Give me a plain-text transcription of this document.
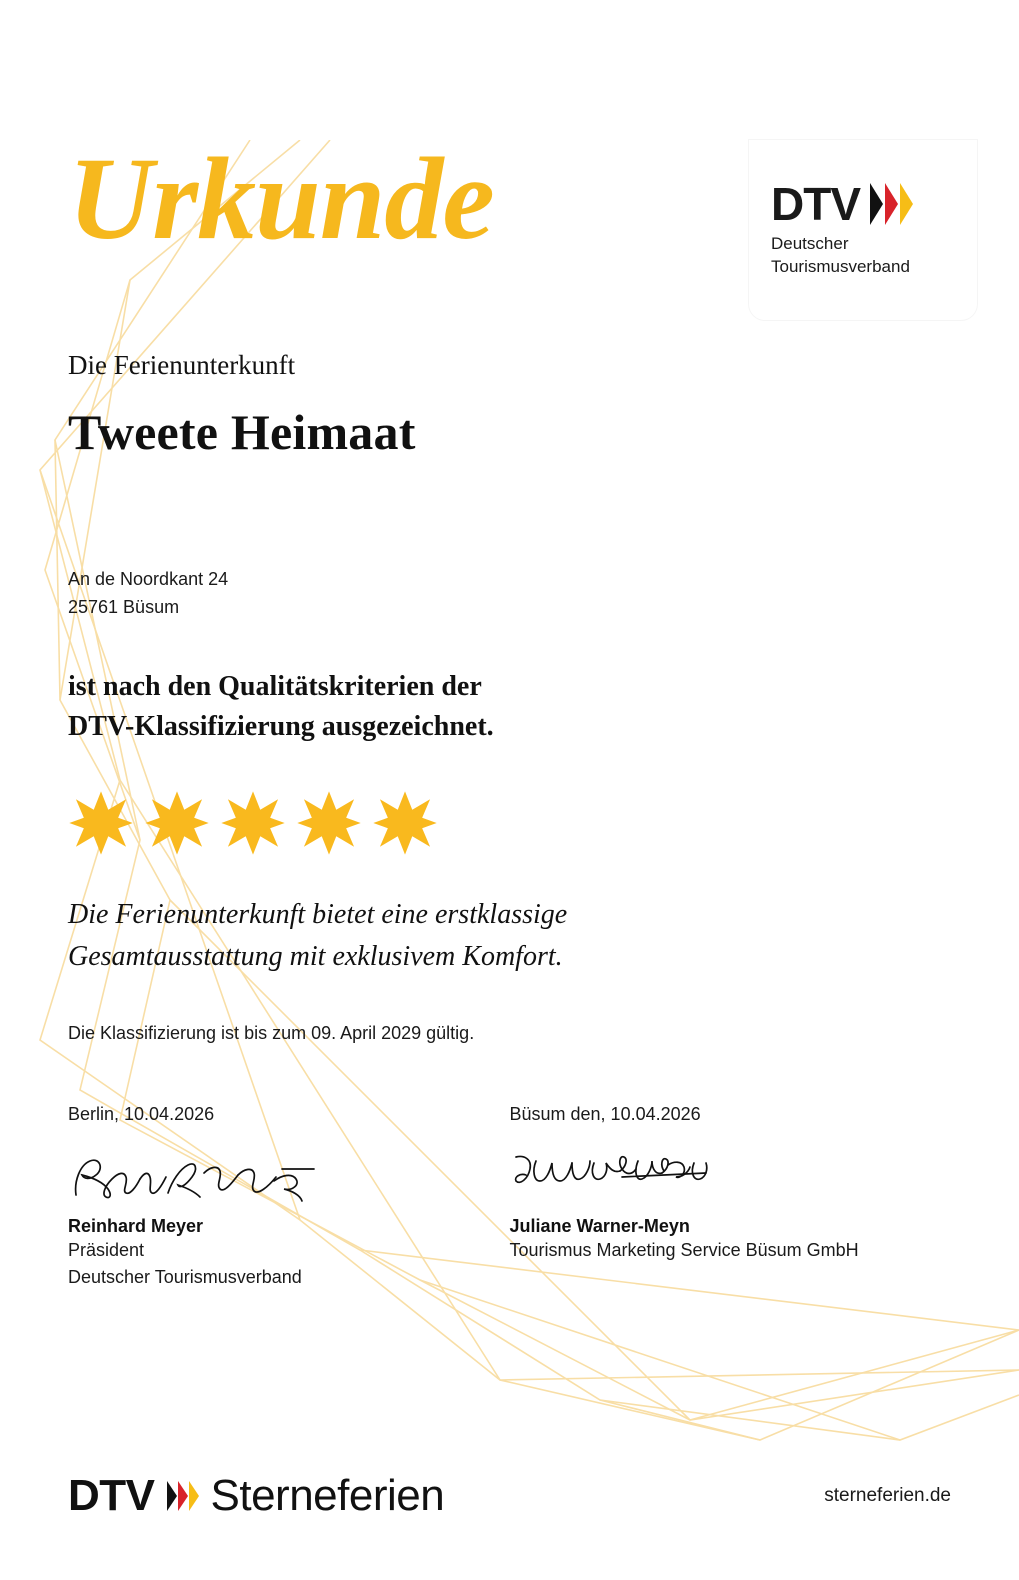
DTV
Deutscher
Tourismusverband
Urkunde
Die Ferienunterkunft
Tweete Heimaat
An de Noordkant 24
25761 Büsum
ist nach den Qualitätskriterien der
DTV-Klassifizierung ausgezeichnet.
Die Ferienunterkunft bietet eine erstklassige
Gesamtausstattung mit exklusivem Komfort.
Die Klassifizierung ist bis zum 09. April 2029 gültig.
Berlin, 10.04.2026
Reinhard Meyer
Präsident
Deutscher Tourismusverband
Büsum den, 10.04.2026
Juliane Warner-Meyn
Tourismus Marketing Service Büsum GmbH
DTV Sterneferien	sterneferien.de
